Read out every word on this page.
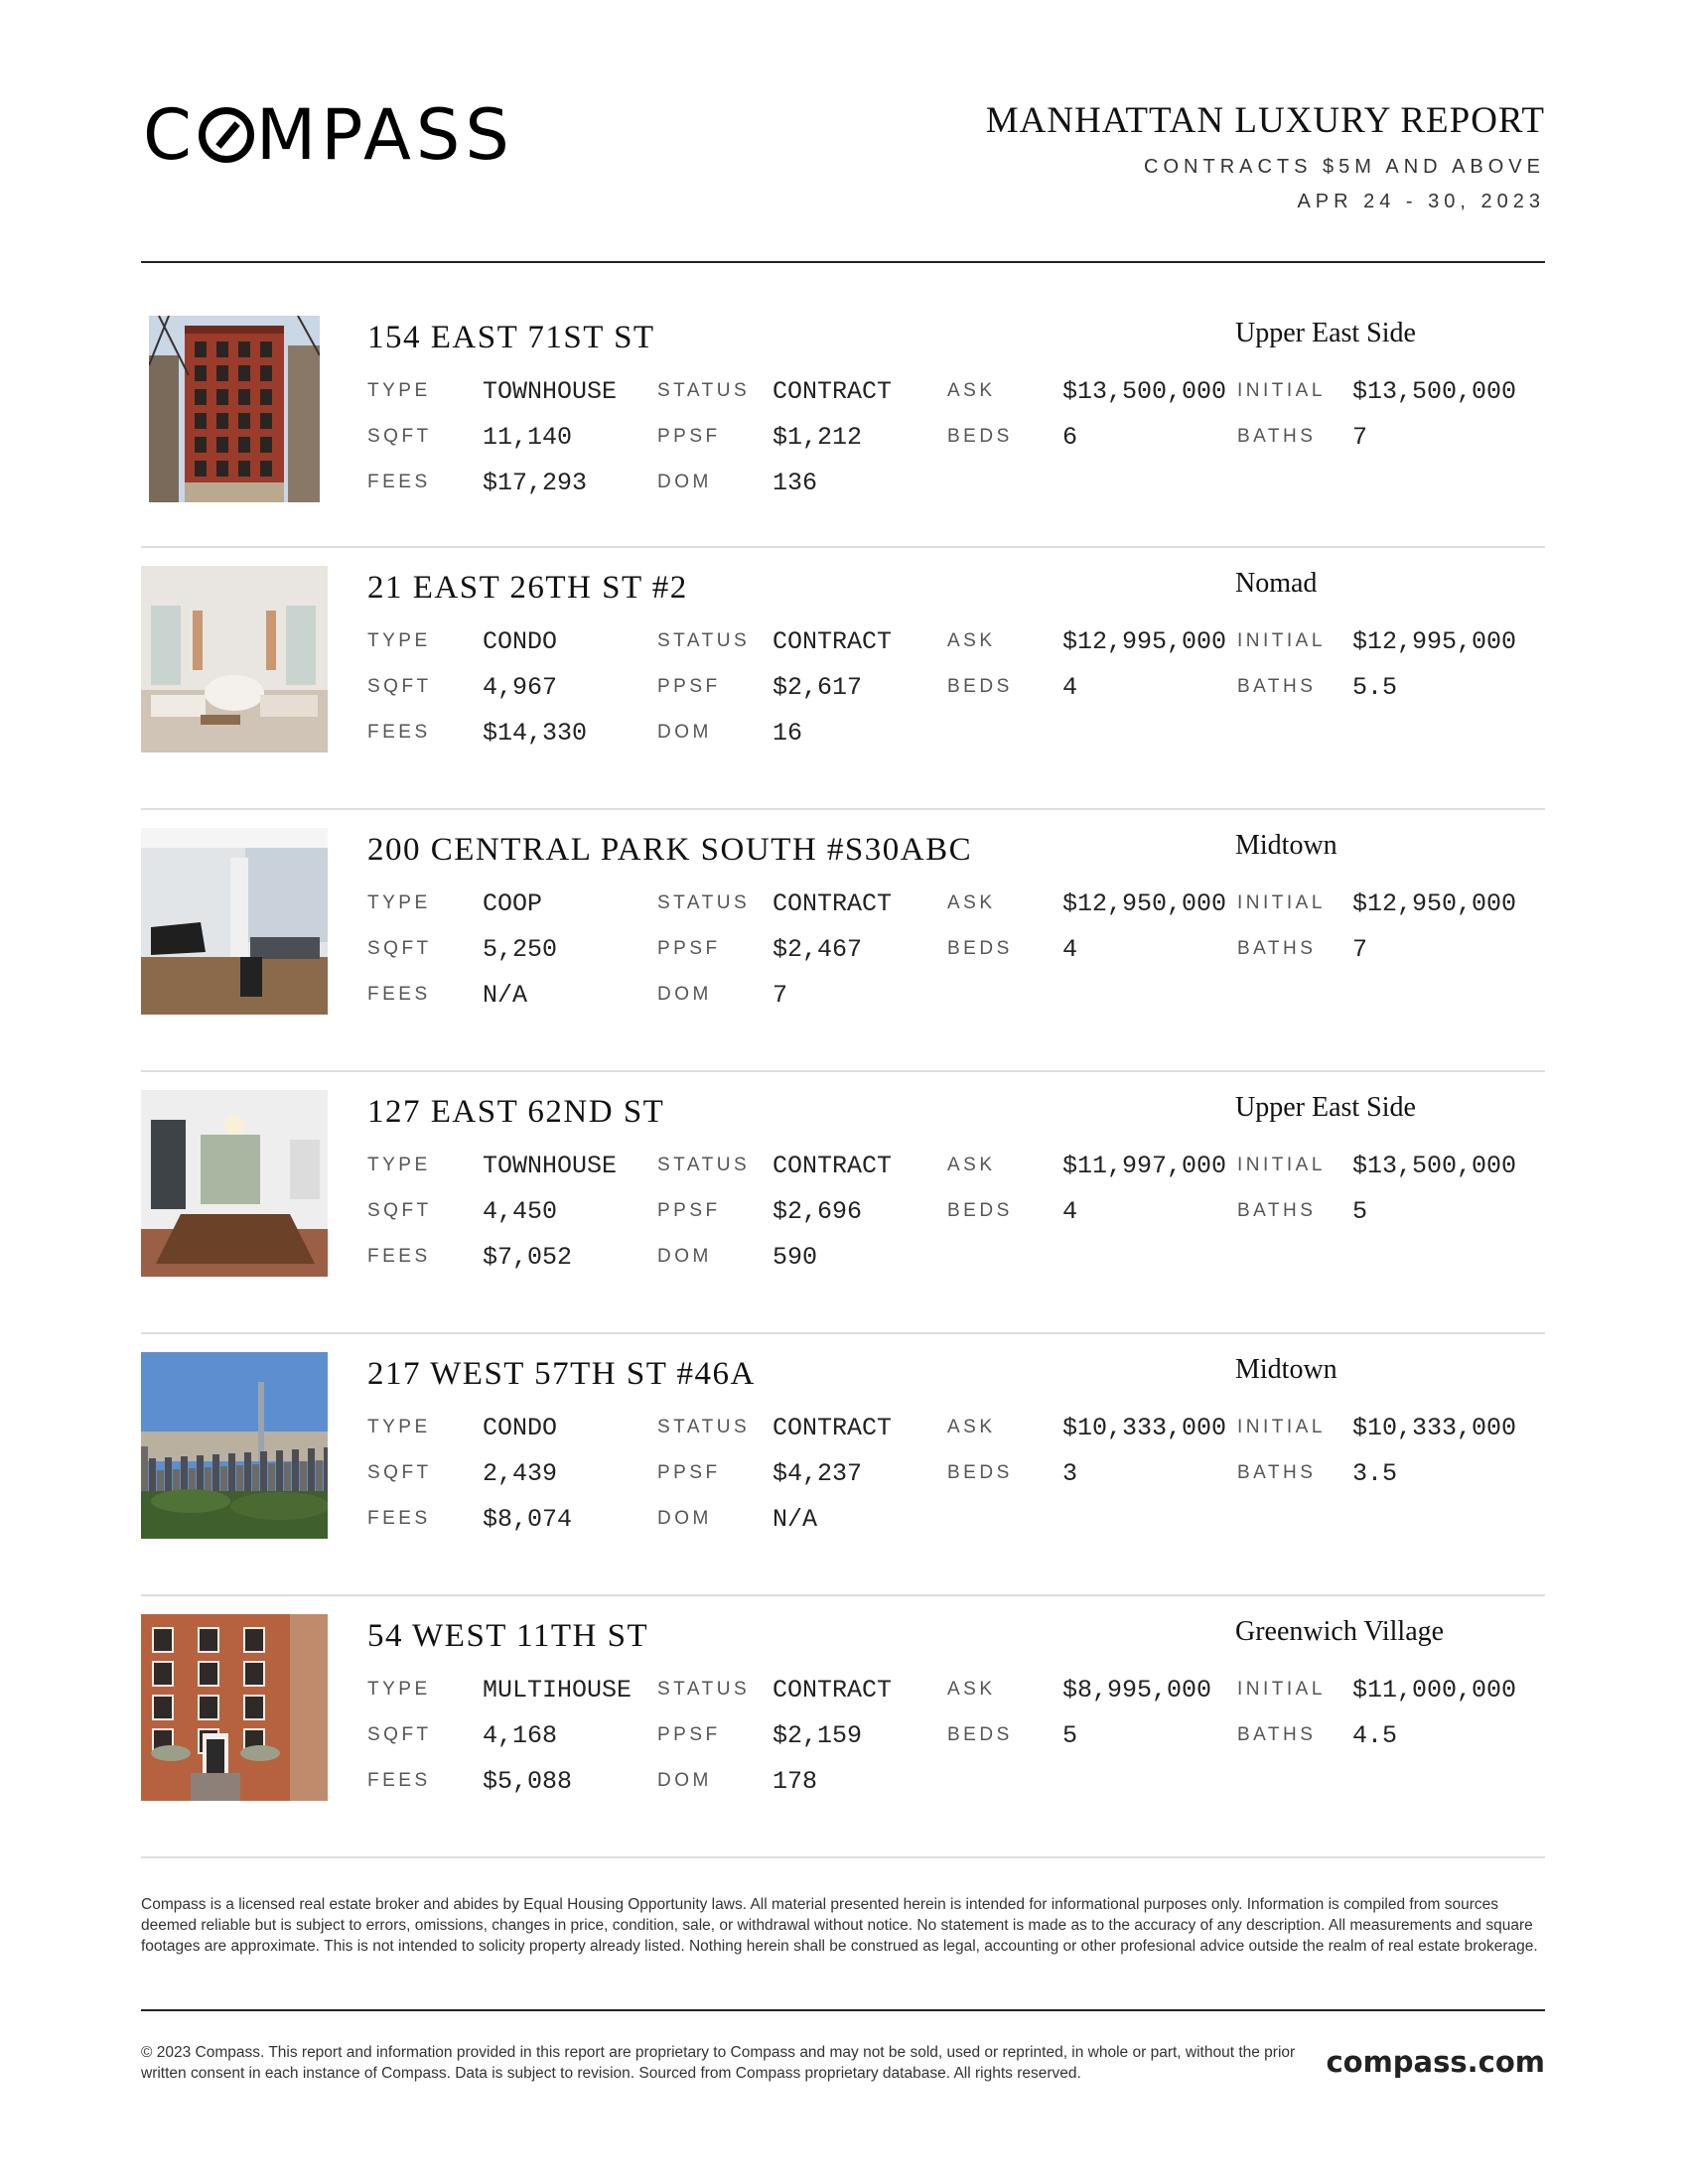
C MPASS	MANHATTAN LUXURY REPORT
CONTRACTS $5M AND ABOVE
APR 24 - 30, 2023
154 EAST 71ST ST	Upper East Side
TYPE TOWNHOUSE STATUS CONTRACT	ASK	$13,500,000 INITIAL $13,500,000
SQFT 11,140	PPSF $1,212	BEDS 6	BATHS 7
FEES $17,293	DOM 136
21 EAST 26TH ST #2	Nomad
TYPE CONDO	STATUS CONTRACT	ASK	$12,995,000 INITIAL $12,995,000
SQFT 4,967	PPSF $2,617	BEDS 4	BATHS 5.5
FEES $14,330	DOM 16
200 CENTRAL PARK SOUTH #S30ABC	Midtown
TYPE COOP	STATUS CONTRACT	ASK	$12,950,000 INITIAL $12,950,000
SQFT 5,250	PPSF $2,467	BEDS 4	BATHS 7
FEES N/A	DOM 7
127 EAST 62ND ST	Upper East Side
TYPE TOWNHOUSE STATUS CONTRACT	ASK	$11,997,000 INITIAL $13,500,000
SQFT 4,450	PPSF $2,696	BEDS 4	BATHS 5
FEES $7,052	DOM 590
217 WEST 57TH ST #46A	Midtown
TYPE CONDO	STATUS CONTRACT	ASK	$10,333,000 INITIAL $10,333,000
SQFT 2,439	PPSF $4,237	BEDS 3	BATHS 3.5
FEES $8,074	DOM N/A
54 WEST 11TH ST	Greenwich Village
TYPE MULTIHOUSE STATUS CONTRACT	ASK	$8,995,000 INITIAL $11,000,000
SQFT 4,168	PPSF $2,159	BEDS 5	BATHS 4.5
FEES $5,088	DOM 178
Compass is a licensed real estate broker and abides by Equal Housing Opportunity laws. All material presented herein is intended for informational purposes only. Information is compiled from sources deemed reliable but is subject to errors, omissions, changes in price, condition, sale, or withdrawal without notice. No statement is made as to the accuracy of any description. All measurements and square footages are approximate. This is not intended to solicity property already listed. Nothing herein shall be construed as legal, accounting or other profesional advice outside the realm of real estate brokerage.
© 2023 Compass. This report and information provided in this report are proprietary to Compass and may not be sold, used or reprinted, in whole or part, without the prior written consent in each instance of Compass. Data is subject to revision. Sourced from Compass proprietary database. All rights reserved.	compass.com
